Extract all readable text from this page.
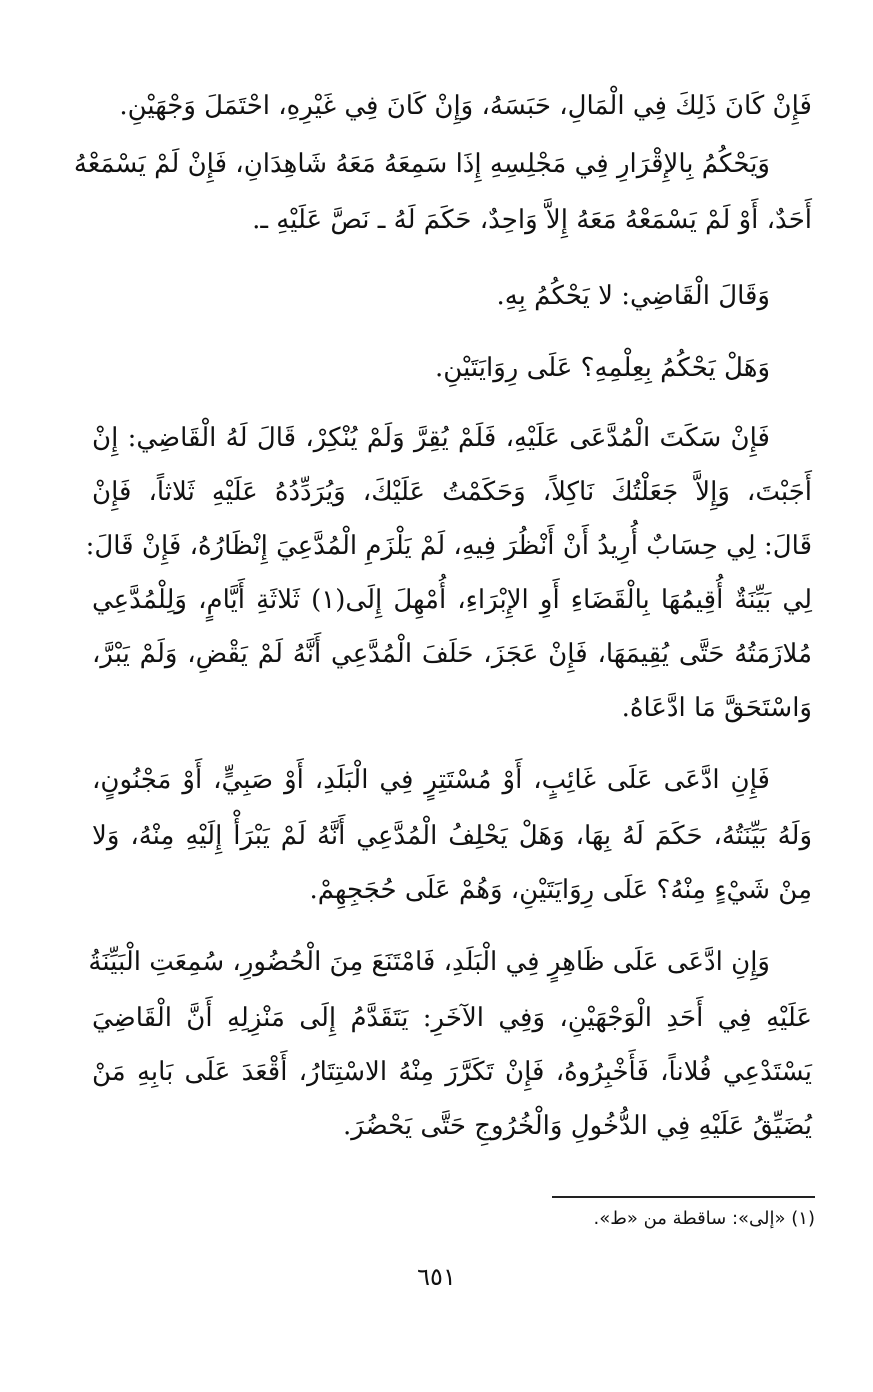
فَإِنْ كَانَ ذَلِكَ فِي الْمَالِ، حَبَسَهُ، وَإِنْ كَانَ فِي غَيْرِهِ، احْتَمَلَ وَجْهَيْنِ.
وَيَحْكُمُ بِالإِقْرَارِ فِي مَجْلِسِهِ إِذَا سَمِعَهُ مَعَهُ شَاهِدَانِ، فَإِنْ لَمْ يَسْمَعْهُ
أَحَدٌ، أَوْ لَمْ يَسْمَعْهُ مَعَهُ إِلاَّ وَاحِدٌ، حَكَمَ لَهُ ـ نَصَّ عَلَيْهِ ـ.
وَقَالَ الْقَاضِي: لا يَحْكُمُ بِهِ.
وَهَلْ يَحْكُمُ بِعِلْمِهِ؟ عَلَى رِوَايَتَيْنِ.
فَإِنْ سَكَتَ الْمُدَّعَى عَلَيْهِ، فَلَمْ يُقِرَّ وَلَمْ يُنْكِرْ، قَالَ لَهُ الْقَاضِي: إِنْ
أَجَبْتَ، وَإِلاَّ جَعَلْتُكَ نَاكِلاً، وَحَكَمْتُ عَلَيْكَ، وَيُرَدِّدُهُ عَلَيْهِ ثَلاثاً، فَإِنْ
قَالَ: لِي حِسَابٌ أُرِيدُ أَنْ أَنْظُرَ فِيهِ، لَمْ يَلْزَمِ الْمُدَّعِيَ إِنْظَارُهُ، فَإِنْ قَالَ:
لِي بَيِّنَةٌ أُقِيمُهَا بِالْقَضَاءِ أَوِ الإِبْرَاءِ، أُمْهِلَ إِلَى(١) ثَلاثَةِ أَيَّامٍ، وَلِلْمُدَّعِي
مُلازَمَتُهُ حَتَّى يُقِيمَهَا، فَإِنْ عَجَزَ، حَلَفَ الْمُدَّعِي أَنَّهُ لَمْ يَقْضِ، وَلَمْ يَبْرَّ،
وَاسْتَحَقَّ مَا ادَّعَاهُ.
فَإِنِ ادَّعَى عَلَى غَائِبٍ، أَوْ مُسْتَتِرٍ فِي الْبَلَدِ، أَوْ صَبِيٍّ، أَوْ مَجْنُونٍ،
وَلَهُ بَيِّنَتُهُ، حَكَمَ لَهُ بِهَا، وَهَلْ يَحْلِفُ الْمُدَّعِي أَنَّهُ لَمْ يَبْرَأْ إِلَيْهِ مِنْهُ، وَلا
مِنْ شَيْءٍ مِنْهُ؟ عَلَى رِوَايَتَيْنِ، وَهُمْ عَلَى حُجَجِهِمْ.
وَإِنِ ادَّعَى عَلَى ظَاهِرٍ فِي الْبَلَدِ، فَامْتَنَعَ مِنَ الْحُضُورِ، سُمِعَتِ الْبَيِّنَةُ
عَلَيْهِ فِي أَحَدِ الْوَجْهَيْنِ، وَفِي الآخَرِ: يَتَقَدَّمُ إِلَى مَنْزِلِهِ أَنَّ الْقَاضِيَ
يَسْتَدْعِي فُلاناً، فَأَخْبِرُوهُ، فَإِنْ تَكَرَّرَ مِنْهُ الاسْتِتَارُ، أَقْعَدَ عَلَى بَابِهِ مَنْ
يُضَيِّقُ عَلَيْهِ فِي الدُّخُولِ وَالْخُرُوجِ حَتَّى يَحْضُرَ.
(١) «إلى»: ساقطة من «ط».
٦٥١
